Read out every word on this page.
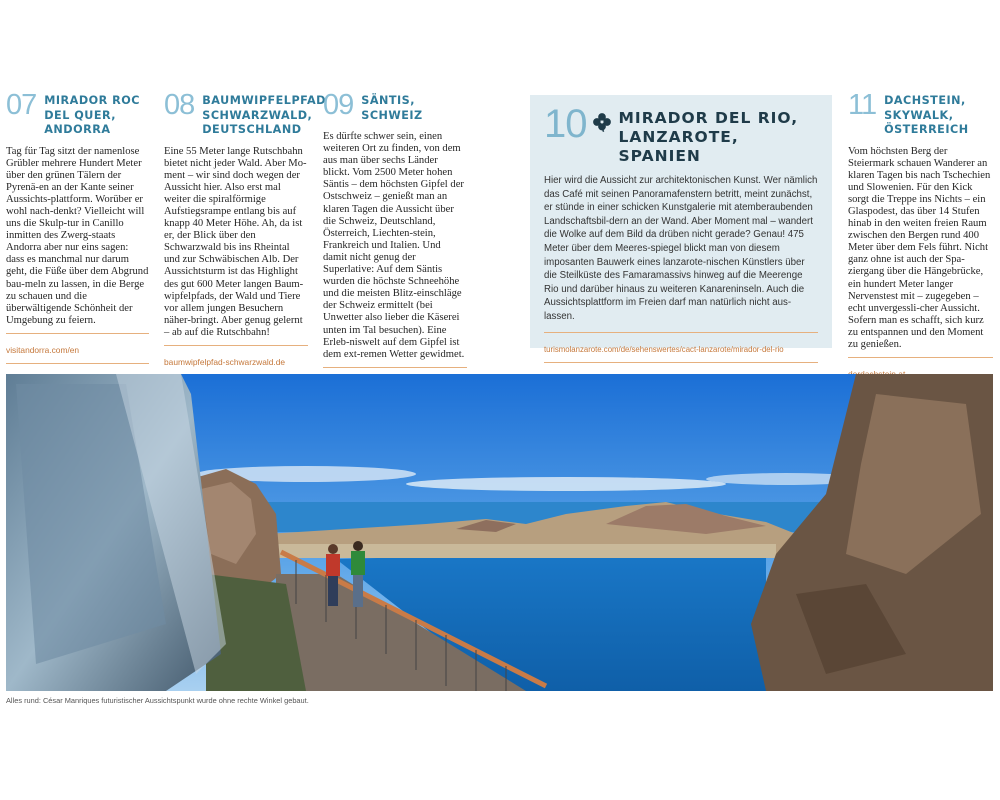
07 MIRADOR ROC DEL QUER, ANDORRA

Tag für Tag sitzt der namenlose Grübler mehrere Hundert Meter über den grünen Tälern der Pyrenä-en an der Kante seiner Aussichts-plattform. Worüber er wohl nach-denkt? Vielleicht will uns die Skulp-tur in Canillo inmitten des Zwerg-staats Andorra aber nur eins sagen: dass es manchmal nur darum geht, die Füße über dem Abgrund bau-meln zu lassen, in die Berge zu schauen und die überwältigende Schönheit der Umgebung zu feiern.

visitandorra.com/en
08 BAUMWIPFELPFAD SCHWARZWALD, DEUTSCHLAND

Eine 55 Meter lange Rutschbahn bietet nicht jeder Wald. Aber Mo-ment – wir sind doch wegen der Aussicht hier. Also erst mal weiter die spiralförmige Aufstiegsrampe entlang bis auf knapp 40 Meter Höhe. Ah, da ist er, der Blick über den Schwarzwald bis ins Rheintal und zur Schwäbischen Alb. Der Aussichtsturm ist das Highlight des gut 600 Meter langen Baum-wipfelpfads, der Wald und Tiere vor allem jungen Besuchern näher-bringt. Aber genug gelernt – ab auf die Rutschbahn!

baumwipfelpfad-schwarzwald.de
09 SÄNTIS, SCHWEIZ

Es dürfte schwer sein, einen weiteren Ort zu finden, von dem aus man über sechs Länder blickt. Vom 2500 Meter hohen Säntis – dem höchsten Gipfel der Ostschweiz – genießt man an klaren Tagen die Aussicht über die Schweiz, Deutschland, Österreich, Liechten-stein, Frankreich und Italien. Und damit nicht genug der Superlative: Auf dem Säntis wurden die höchste Schneehöhe und die meisten Blitz-einschläge der Schweiz ermittelt (bei Unwetter also lieber die Käserei unten im Tal besuchen). Eine Erleb-niswelt auf dem Gipfel ist dem ext-remen Wetter gewidmet.

10 MIRADOR DEL RIO, LANZAROTE, SPANIEN

Hier wird die Aussicht zur architektonischen Kunst. Wer nämlich das Café mit seinen Panoramafenstern betritt, meint zunächst, er stünde in einer schicken Kunstgalerie mit atemberaubenden Landschaftsbil-dern an der Wand. Aber Moment mal – wandert die Wolke auf dem Bild da drüben nicht gerade? Genau! 475 Meter über dem Meeres-spiegel blickt man von diesem imposanten Bauwerk eines lanzarote-nischen Künstlers über die Steilküste des Famaramassivs hinweg auf die Meerenge Rio und darüber hinaus zu weiteren Kanareninseln. Auch die Aussichtsplattform im Freien darf man natürlich nicht aus-lassen.

turismolanzarote.com/de/sehenswertes/cact-lanzarote/mirador-del-rio
11 DACHSTEIN, SKYWALK, ÖSTERREICH

Vom höchsten Berg der Steiermark schauen Wanderer an klaren Tagen bis nach Tschechien und Slowenien. Für den Kick sorgt die Treppe ins Nichts – ein Glaspodest, das über 14 Stufen hinab in den weiten freien Raum zwischen den Bergen rund 400 Meter über dem Fels führt. Nicht ganz ohne ist auch der Spa-ziergang über die Hängebrücke, ein hundert Meter langer Nervenstest mit – zugegeben – echt unvergessli-cher Aussicht. Sofern man es schafft, sich kurz zu entspannen und den Moment zu genießen.

Alles rund: César Manriques futuristischer Aussichtspunkt wurde ohne rechte Winkel gebaut.
